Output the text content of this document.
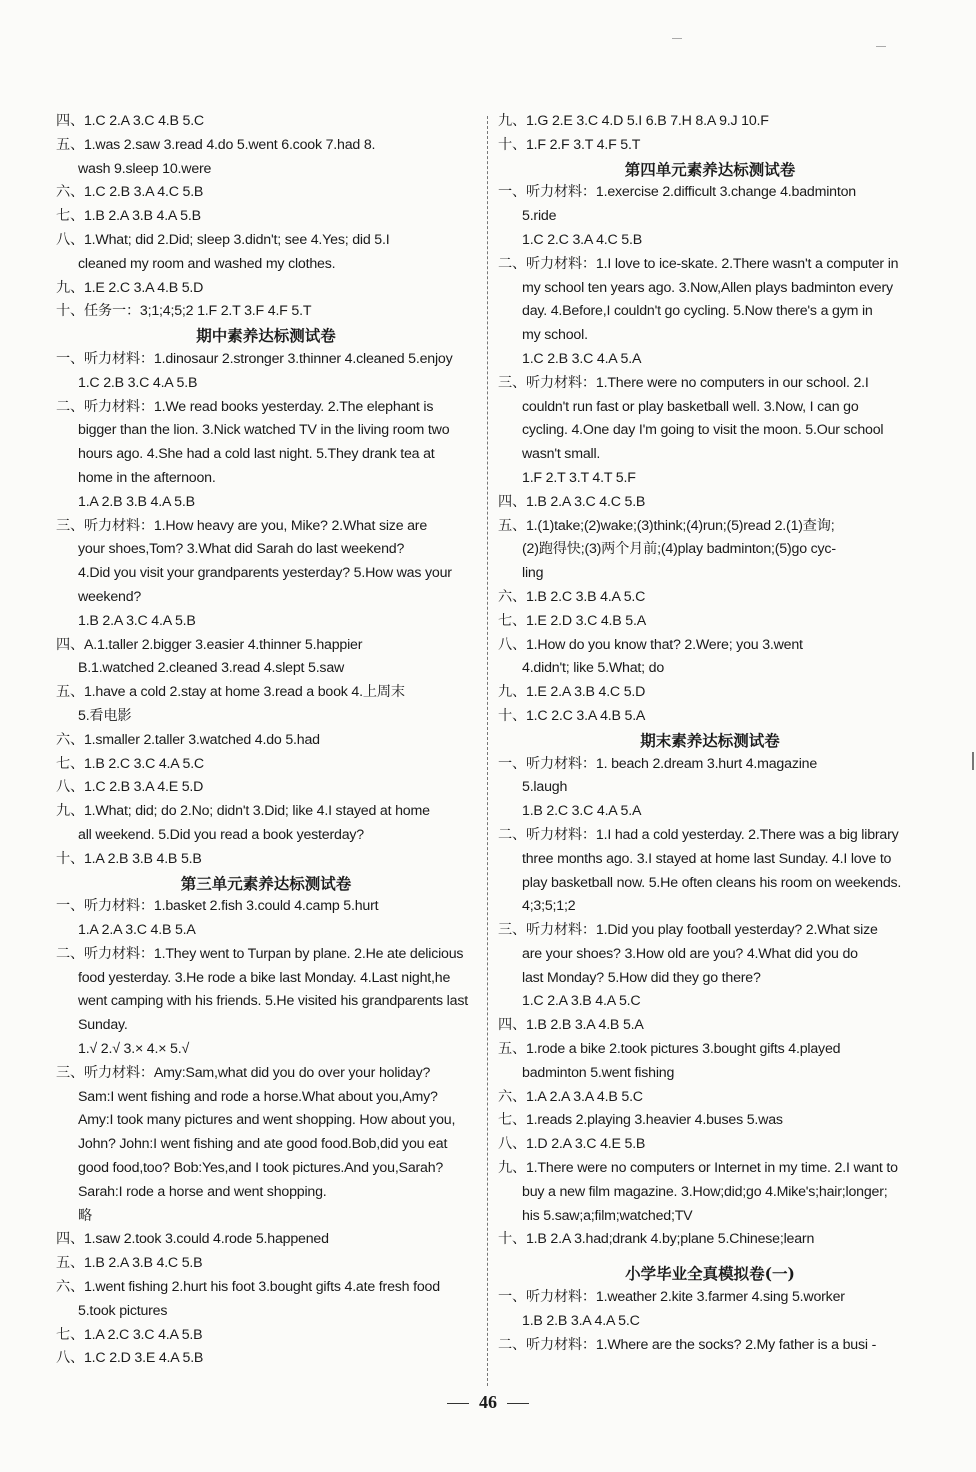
四、1.C 2.A 3.C 4.B 5.C
五、1.was 2.saw 3.read 4.do 5.went 6.cook 7.had 8.
wash 9.sleep 10.were
六、1.C 2.B 3.A 4.C 5.B
七、1.B 2.A 3.B 4.A 5.B
八、1.What; did 2.Did; sleep 3.didn't; see 4.Yes; did 5.I
cleaned my room and washed my clothes.
九、1.E 2.C 3.A 4.B 5.D
十、任务一：3;1;4;5;2 1.F 2.T 3.F 4.F 5.T
期中素养达标测试卷
一、听力材料：1.dinosaur 2.stronger 3.thinner 4.cleaned 5.enjoy
1.C 2.B 3.C 4.A 5.B
二、听力材料：1.We read books yesterday. 2.The elephant is
bigger than the lion. 3.Nick watched TV in the living room two
hours ago. 4.She had a cold last night. 5.They drank tea at
home in the afternoon.
1.A 2.B 3.B 4.A 5.B
三、听力材料：1.How heavy are you, Mike? 2.What size are
your shoes,Tom? 3.What did Sarah do last weekend?
4.Did you visit your grandparents yesterday? 5.How was your
weekend?
1.B 2.A 3.C 4.A 5.B
四、A.1.taller 2.bigger 3.easier 4.thinner 5.happier
B.1.watched 2.cleaned 3.read 4.slept 5.saw
五、1.have a cold 2.stay at home 3.read a book 4.上周末
5.看电影
六、1.smaller 2.taller 3.watched 4.do 5.had
七、1.B 2.C 3.C 4.A 5.C
八、1.C 2.B 3.A 4.E 5.D
九、1.What; did; do 2.No; didn't 3.Did; like 4.I stayed at home
all weekend. 5.Did you read a book yesterday?
十、1.A 2.B 3.B 4.B 5.B
第三单元素养达标测试卷
一、听力材料：1.basket 2.fish 3.could 4.camp 5.hurt
1.A 2.A 3.C 4.B 5.A
二、听力材料：1.They went to Turpan by plane. 2.He ate delicious
food yesterday. 3.He rode a bike last Monday. 4.Last night,he
went camping with his friends. 5.He visited his grandparents last
Sunday.
1.√ 2.√ 3.× 4.× 5.√
三、听力材料：Amy:Sam,what did you do over your holiday?
Sam:I went fishing and rode a horse.What about you,Amy?
Amy:I took many pictures and went shopping. How about you,
John? John:I went fishing and ate good food.Bob,did you eat
good food,too? Bob:Yes,and I took pictures.And you,Sarah?
Sarah:I rode a horse and went shopping.
略
四、1.saw 2.took 3.could 4.rode 5.happened
五、1.B 2.A 3.B 4.C 5.B
六、1.went fishing 2.hurt his foot 3.bought gifts 4.ate fresh food
5.took pictures
七、1.A 2.C 3.C 4.A 5.B
八、1.C 2.D 3.E 4.A 5.B
九、1.G 2.E 3.C 4.D 5.I 6.B 7.H 8.A 9.J 10.F
十、1.F 2.F 3.T 4.F 5.T
第四单元素养达标测试卷
一、听力材料：1.exercise 2.difficult 3.change 4.badminton
5.ride
1.C 2.C 3.A 4.C 5.B
二、听力材料：1.I love to ice-skate. 2.There wasn't a computer in
my school ten years ago. 3.Now,Allen plays badminton every
day. 4.Before,I couldn't go cycling. 5.Now there's a gym in
my school.
1.C 2.B 3.C 4.A 5.A
三、听力材料：1.There were no computers in our school. 2.I
couldn't run fast or play basketball well. 3.Now, I can go
cycling. 4.One day I'm going to visit the moon. 5.Our school
wasn't small.
1.F 2.T 3.T 4.T 5.F
四、1.B 2.A 3.C 4.C 5.B
五、1.(1)take;(2)wake;(3)think;(4)run;(5)read 2.(1)查询;
(2)跑得快;(3)两个月前;(4)play badminton;(5)go cyc-
ling
六、1.B 2.C 3.B 4.A 5.C
七、1.E 2.D 3.C 4.B 5.A
八、1.How do you know that? 2.Were; you 3.went
4.didn't; like 5.What; do
九、1.E 2.A 3.B 4.C 5.D
十、1.C 2.C 3.A 4.B 5.A
期末素养达标测试卷
一、听力材料：1. beach 2.dream 3.hurt 4.magazine
5.laugh
1.B 2.C 3.C 4.A 5.A
二、听力材料：1.I had a cold yesterday. 2.There was a big library
three months ago. 3.I stayed at home last Sunday. 4.I love to
play basketball now. 5.He often cleans his room on weekends.
4;3;5;1;2
三、听力材料：1.Did you play football yesterday? 2.What size
are your shoes? 3.How old are you? 4.What did you do
last Monday? 5.How did they go there?
1.C 2.A 3.B 4.A 5.C
四、1.B 2.B 3.A 4.B 5.A
五、1.rode a bike 2.took pictures 3.bought gifts 4.played
badminton 5.went fishing
六、1.A 2.A 3.A 4.B 5.C
七、1.reads 2.playing 3.heavier 4.buses 5.was
八、1.D 2.A 3.C 4.E 5.B
九、1.There were no computers or Internet in my time. 2.I want to
buy a new film magazine. 3.How;did;go 4.Mike's;hair;longer;
his 5.saw;a;film;watched;TV
十、1.B 2.A 3.had;drank 4.by;plane 5.Chinese;learn
小学毕业全真模拟卷(一)
一、听力材料：1.weather 2.kite 3.farmer 4.sing 5.worker
1.B 2.B 3.A 4.A 5.C
二、听力材料：1.Where are the socks? 2.My father is a busi -
46
